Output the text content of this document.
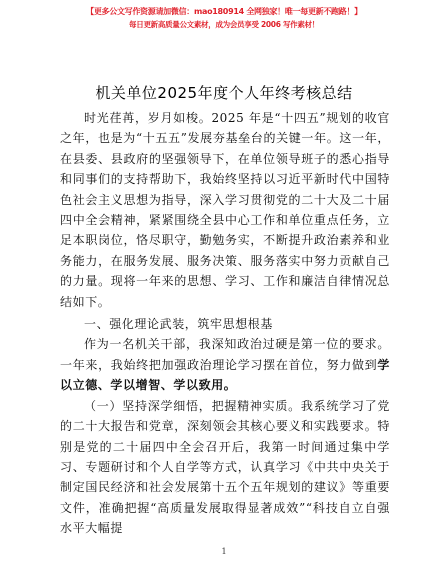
【更多公文写作资源请加微信：mao180914 全网独家！唯一每更新不跑路！】
每日更新高质量公文素材，成为会员享受 2006 写作素材！
机关单位2025年度个人年终考核总结

时光荏苒，岁月如梭。2025 年是“十四五”规划的收官之年，也是为“十五五”发展夯基垒台的关键一年。这一年，在县委、县政府的坚强领导下，在单位领导班子的悉心指导和同事们的支持帮助下，我始终坚持以习近平新时代中国特色社会主义思想为指导，深入学习贯彻党的二十大及二十届四中全会精神，紧紧围绕全县中心工作和单位重点任务，立足本职岗位，恪尽职守，勤勉务实，不断提升政治素养和业务能力，在服务发展、服务决策、服务落实中努力贡献自己的力量。现将一年来的思想、学习、工作和廉洁自律情况总结如下。

一、强化理论武装，筑牢思想根基

作为一名机关干部，我深知政治过硬是第一位的要求。一年来，我始终把加强政治理论学习摆在首位，努力做到学以立德、学以增智、学以致用。

（一）坚持深学细悟，把握精神实质。我系统学习了党的二十大报告和党章，深刻领会其核心要义和实践要求。特别是党的二十届四中全会召开后，我第一时间通过集中学习、专题研讨和个人自学等方式，认真学习《中共中央关于制定国民经济和社会发展第十五个五年规划的建议》等重要文件，准确把握“高质量发展取得显著成效”“科技自立自强水平大幅提

1
